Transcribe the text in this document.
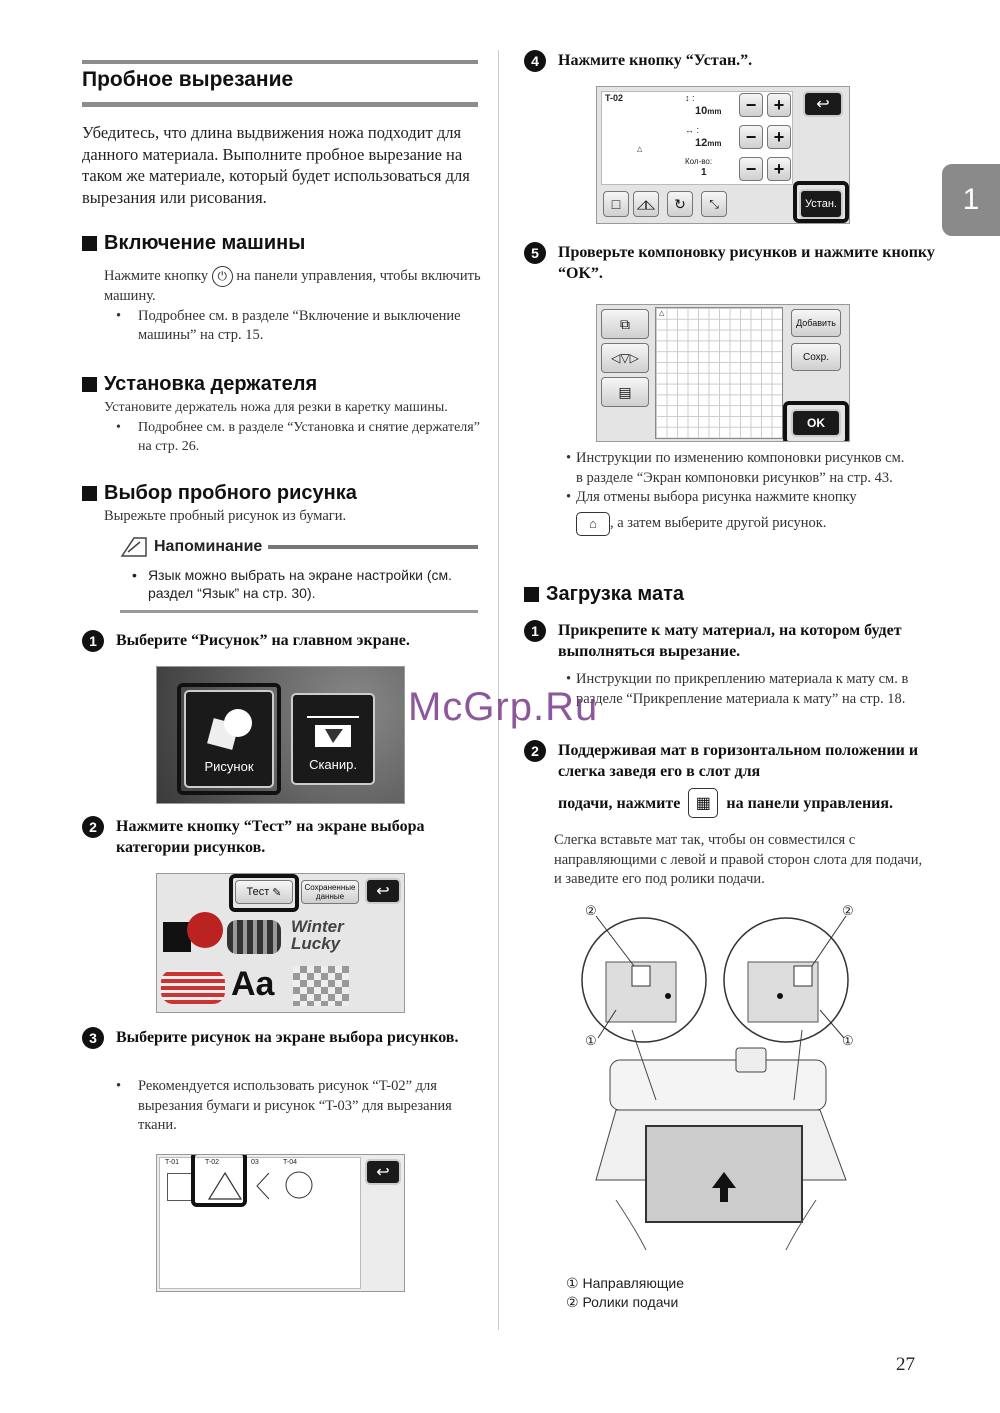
Пробное вырезание
Убедитесь, что длина выдвижения ножа подходит для данного материала. Выполните пробное вырезание на таком же материале, который будет использоваться для вырезания или рисования.
Включение машины
Нажмите кнопку ⏻ на панели управления, чтобы включить машину.
• Подробнее см. в разделе “Включение и выключение машины” на стр. 15.
Установка держателя
Установите держатель ножа для резки в каретку машины.
• Подробнее см. в разделе “Установка и снятие держателя” на стр. 26.
Выбор пробного рисунка
Вырежьте пробный рисунок из бумаги.
Напоминание
• Язык можно выбрать на экране настройки (см. раздел “Язык” на стр. 30).
1	Выберите “Рисунок” на главном экране.
Рисунок	Сканир.
2	Нажмите кнопку “Тест” на экране выбора категории рисунков.
Тест ✎	Сохраненные данные	↩
Winter
Lucky
Aa
3	Выберите рисунок на экране выбора рисунков.
• Рекомендуется использовать рисунок “T-02” для вырезания бумаги и рисунок “T-03” для вырезания ткани.
T-01	T-02	03	T-04
↩
4	Нажмите кнопку “Устан.”.
T-02
△
↕ :
10mm
↔ :
12mm
Кол-во:
1
− +
− +
− +
↩
□	◿◺	↻	⤡	Устан.
5	Проверьте компоновку рисунков и нажмите кнопку “OK”.
⧉
◁▽▷
▤
△
Добавить
Сохр.
OK
• Инструкции по изменению компоновки рисунков см. в разделе “Экран компоновки рисунков” на стр. 43.
• Для отмены выбора рисунка нажмите кнопку
⌂ , а затем выберите другой рисунок.
Загрузка мата
1	Прикрепите к мату материал, на котором будет выполняться вырезание.
• Инструкции по прикреплению материала к мату см. в разделе “Прикрепление материала к мату” на стр. 18.
2	Поддерживая мат в горизонтальном положении и слегка заведя его в слот для
подачи, нажмите ▦ на панели управления.
Слегка вставьте мат так, чтобы он совместился с направляющими с левой и правой сторон слота для подачи, и заведите его под ролики подачи.
②	②
①	①
① Направляющие
② Ролики подачи
McGrp.Ru
1
27
